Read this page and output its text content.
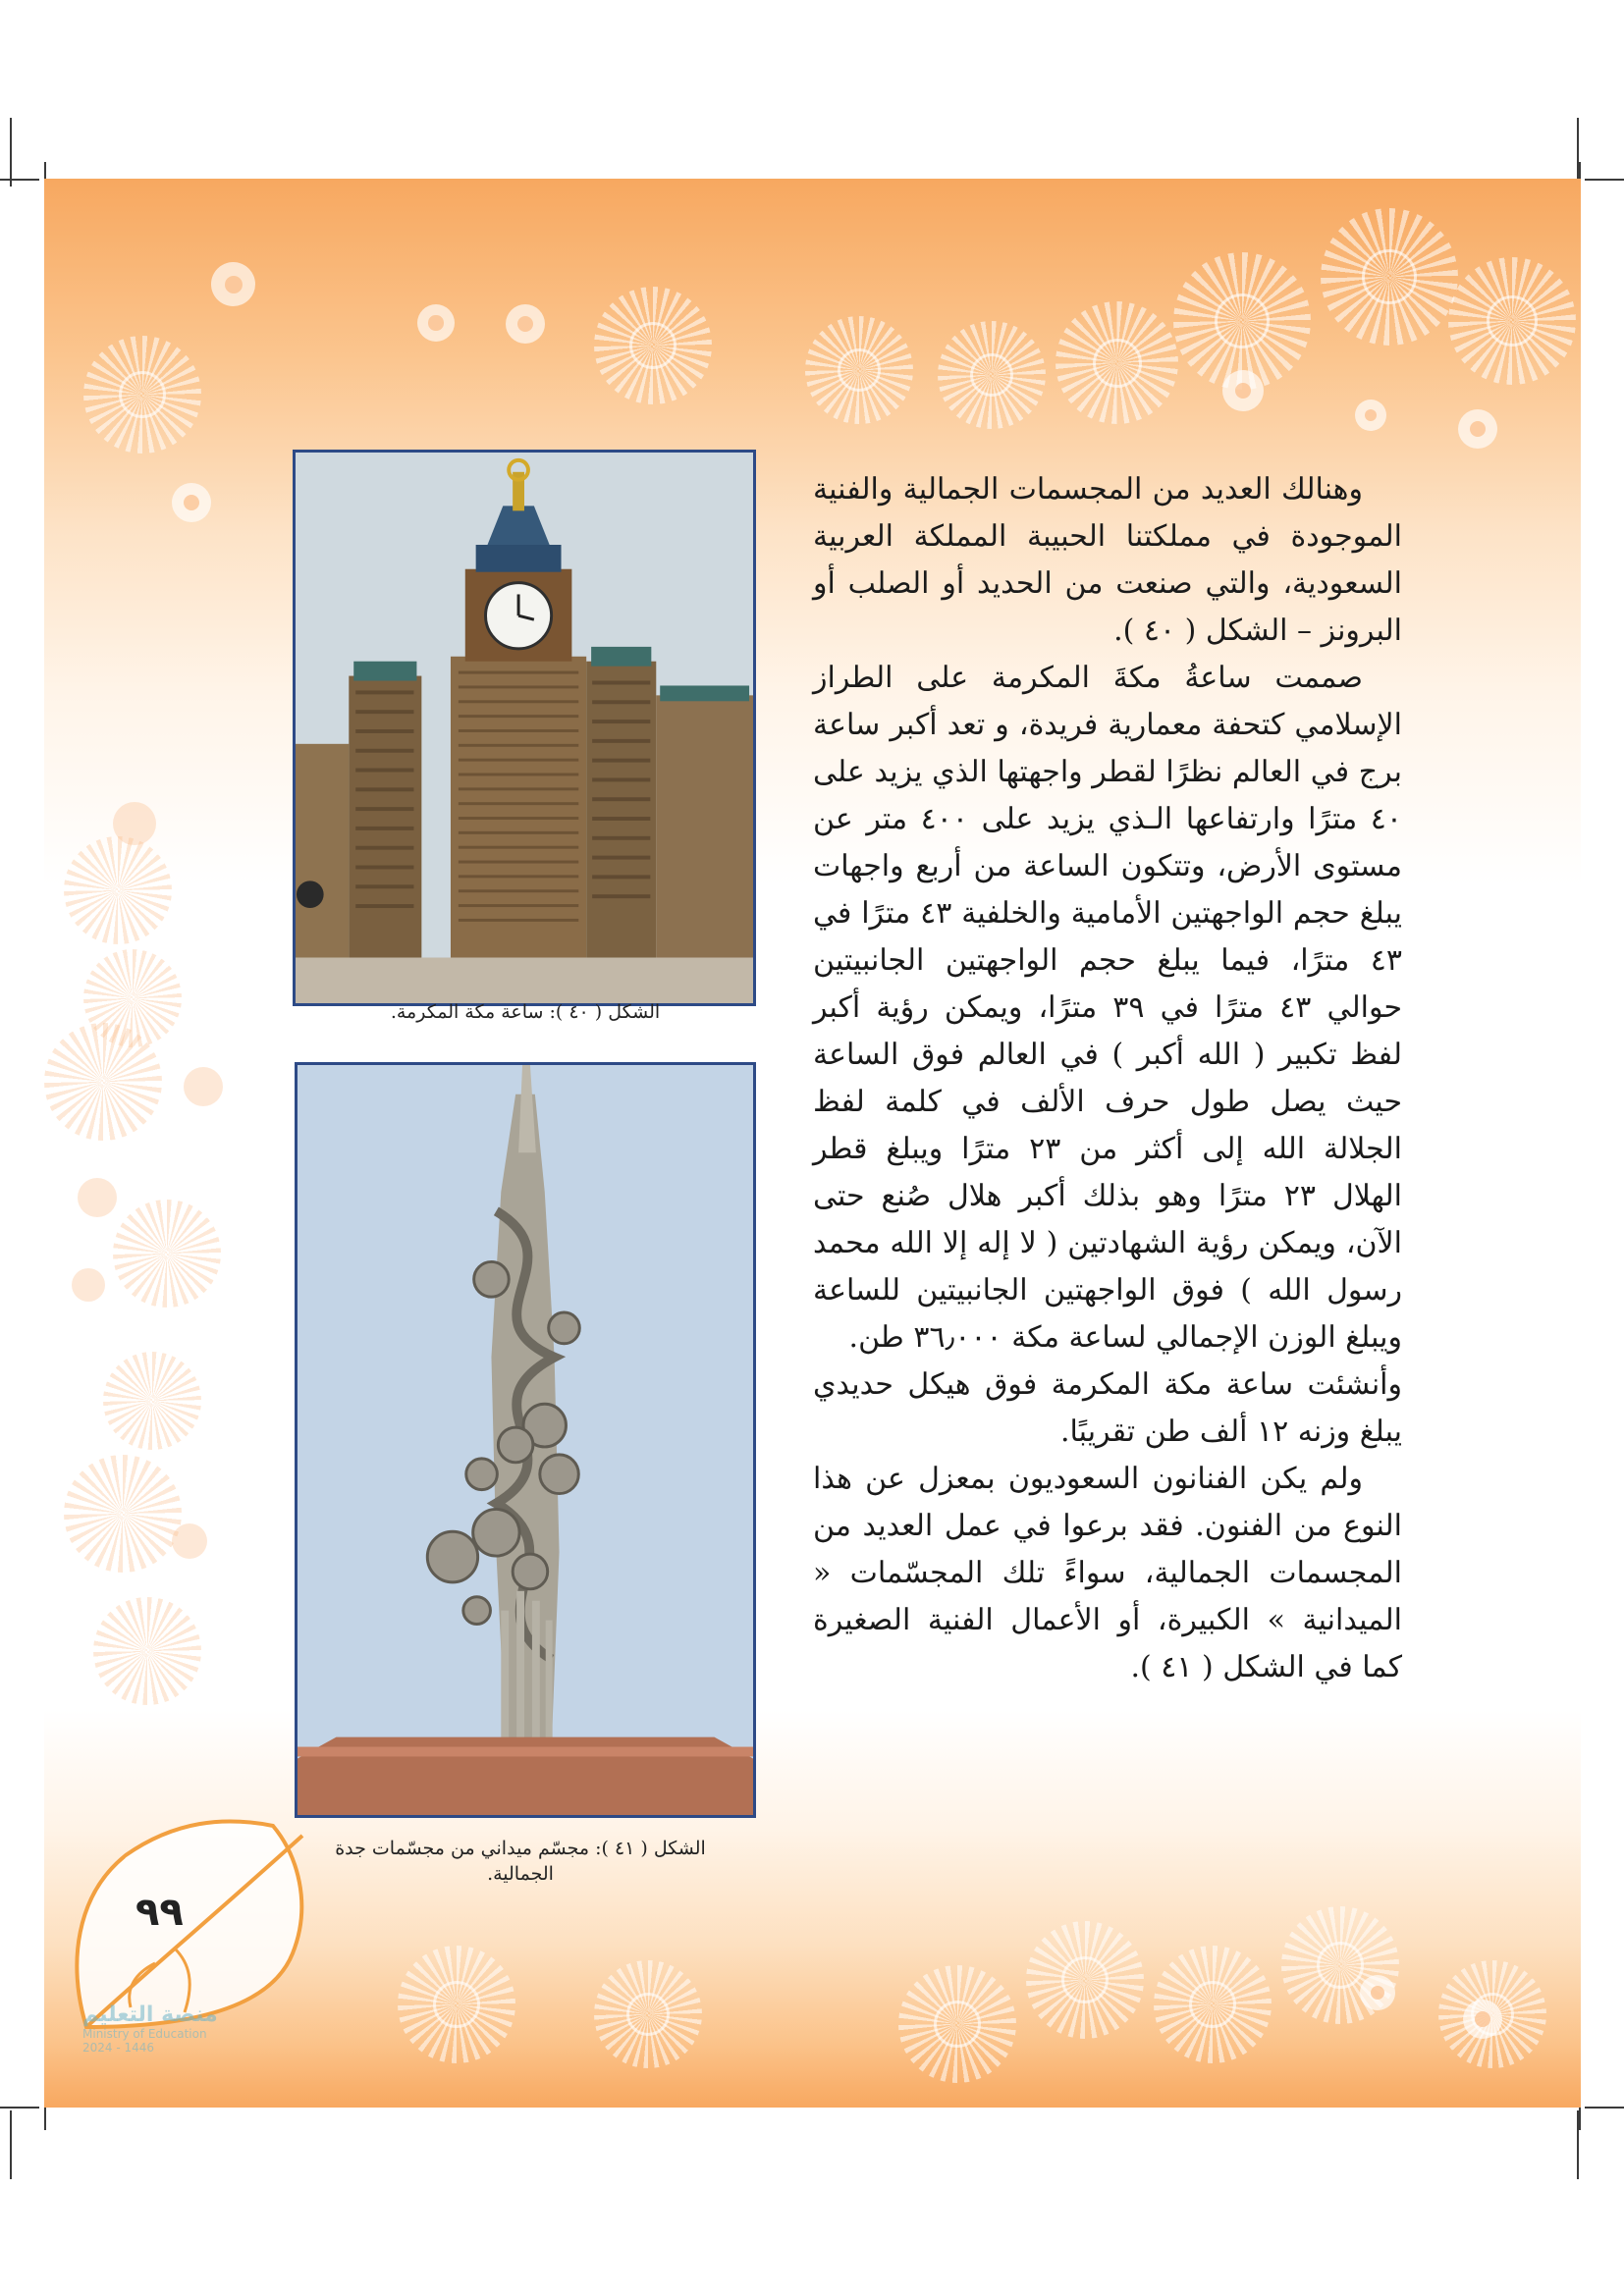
الشكل ( ٤٠ ): ساعة مكة المكرمة.
الشكل ( ٤١ ): مجسّم ميداني من مجسّمات جدة الجمالية.

وهنالك العديد من المجسمات الجمالية والفنية الموجودة في مملكتنا الحبيبة المملكة العربية السعودية، والتي صنعت من الحديد أو الصلب أو البرونز – الشكل ( ٤٠ ).

صممت ساعةُ مكةَ المكرمة على الطراز الإسلامي كتحفة معمارية فريدة، و تعد أكبر ساعة برج في العالم نظرًا لقطر واجهتها الذي يزيد على ٤٠ مترًا وارتفاعها الـذي يزيد على ٤٠٠ متر عن مستوى الأرض، وتتكون الساعة من أربع واجهات يبلغ حجم الواجهتين الأمامية والخلفية ٤٣ مترًا في ٤٣ مترًا، فيما يبلغ حجم الواجهتين الجانبيتين حوالي ٤٣ مترًا في ٣٩ مترًا، ويمكن رؤية أكبر لفظ تكبير ( الله أكبر ) في العالم فوق الساعة حيث يصل طول حرف الألف في كلمة لفظ الجلالة الله إلى أكثر من ٢٣ مترًا ويبلغ قطر الهلال ٢٣ مترًا وهو بذلك أكبر هلال صُنع حتى الآن، ويمكن رؤية الشهادتين ( لا إله إلا الله محمد رسول الله ) فوق الواجهتين الجانبيتين للساعة ويبلغ الوزن الإجمالي لساعة مكة ٣٦٫٠٠٠ طن.

وأنشئت ساعة مكة المكرمة فوق هيكل حديدي يبلغ وزنه ١٢ ألف طن تقريبًا.

ولم يكن الفنانون السعوديون بمعزل عن هذا النوع من الفنون. فقد برعوا في عمل العديد من المجسمات الجمالية، سواءً تلك المجسّمات « الميدانية » الكبيرة، أو الأعمال الفنية الصغيرة كما في الشكل ( ٤١ ).

٩٩
منصة التعليم
Ministry of Education
2024 - 1446
